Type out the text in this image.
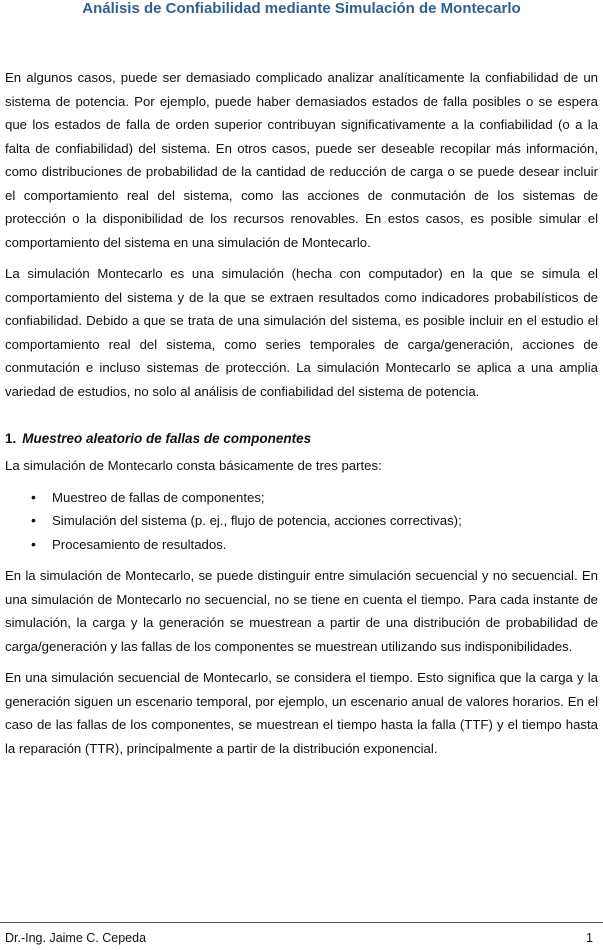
Análisis de Confiabilidad mediante Simulación de Montecarlo

En algunos casos, puede ser demasiado complicado analizar analíticamente la confiabilidad de un sistema de potencia. Por ejemplo, puede haber demasiados estados de falla posibles o se espera que los estados de falla de orden superior contribuyan significativamente a la confiabilidad (o a la falta de confiabilidad) del sistema. En otros casos, puede ser deseable recopilar más información, como distribuciones de probabilidad de la cantidad de reducción de carga o se puede desear incluir el comportamiento real del sistema, como las acciones de conmutación de los sistemas de protección o la disponibilidad de los recursos renovables. En estos casos, es posible simular el comportamiento del sistema en una simulación de Montecarlo.

La simulación Montecarlo es una simulación (hecha con computador) en la que se simula el comportamiento del sistema y de la que se extraen resultados como indicadores probabilísticos de confiabilidad. Debido a que se trata de una simulación del sistema, es posible incluir en el estudio el comportamiento real del sistema, como series temporales de carga/generación, acciones de conmutación e incluso sistemas de protección. La simulación Montecarlo se aplica a una amplia variedad de estudios, no solo al análisis de confiabilidad del sistema de potencia.

1. Muestreo aleatorio de fallas de componentes

La simulación de Montecarlo consta básicamente de tres partes:

• Muestreo de fallas de componentes;
• Simulación del sistema (p. ej., flujo de potencia, acciones correctivas);
• Procesamiento de resultados.

En la simulación de Montecarlo, se puede distinguir entre simulación secuencial y no secuencial. En una simulación de Montecarlo no secuencial, no se tiene en cuenta el tiempo. Para cada instante de simulación, la carga y la generación se muestrean a partir de una distribución de probabilidad de carga/generación y las fallas de los componentes se muestrean utilizando sus indisponibilidades.

En una simulación secuencial de Montecarlo, se considera el tiempo. Esto significa que la carga y la generación siguen un escenario temporal, por ejemplo, un escenario anual de valores horarios. En el caso de las fallas de los componentes, se muestrean el tiempo hasta la falla (TTF) y el tiempo hasta la reparación (TTR), principalmente a partir de la distribución exponencial.

Dr.-Ing. Jaime C. Cepeda	1
